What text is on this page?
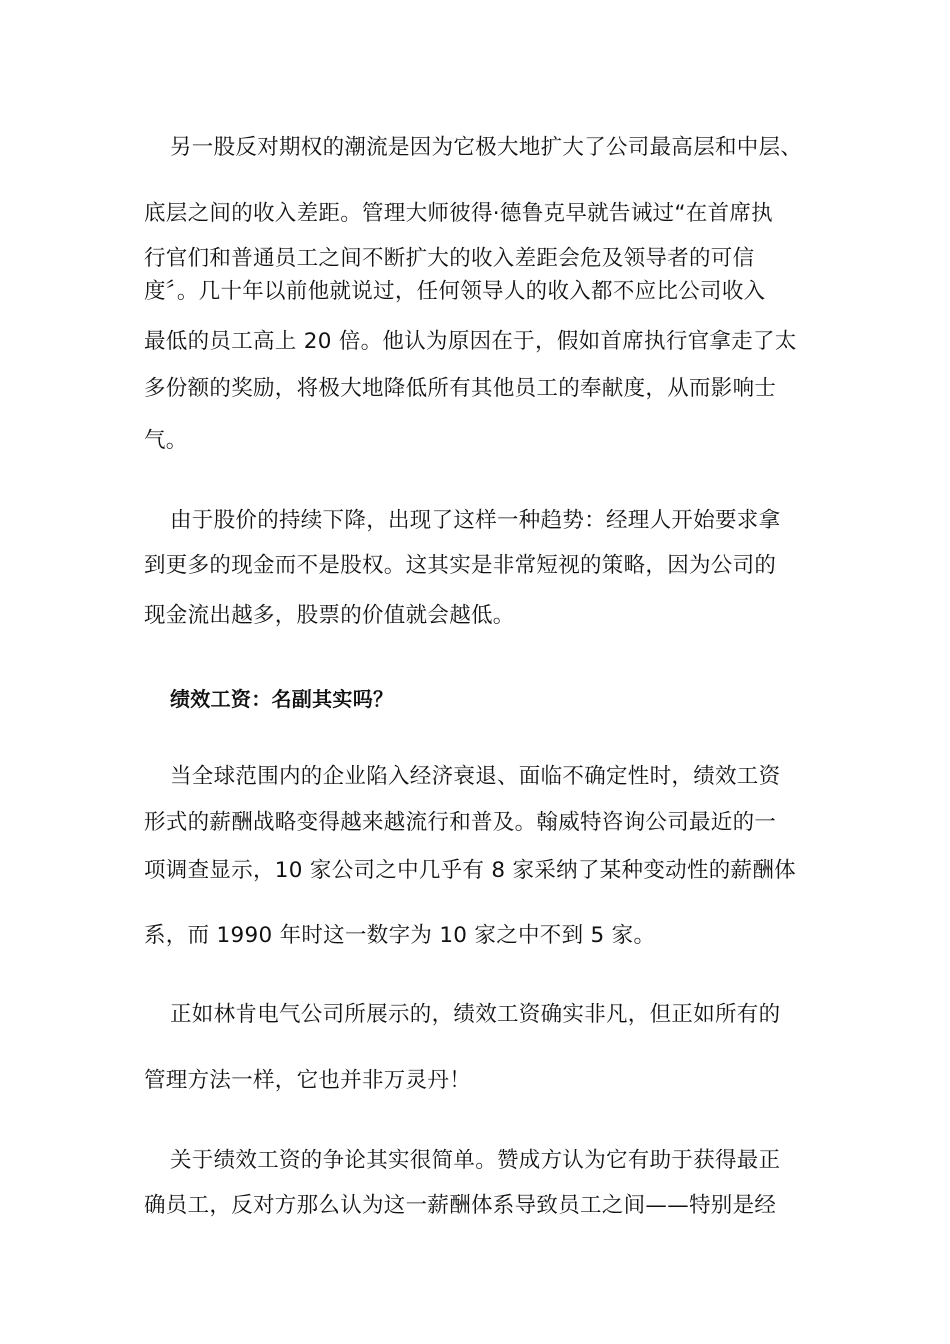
另一股反对期权的潮流是因为它极大地扩大了公司最高层和中层、
底层之间的收入差距。管理大师彼得·德鲁克早就告诫过“在首席执
行官们和普通员工之间不断扩大的收入差距会危及领导者的可信
度〞。几十年以前他就说过，任何领导人的收入都不应比公司收入
最低的员工高上 20 倍。他认为原因在于，假如首席执行官拿走了太
多份额的奖励，将极大地降低所有其他员工的奉献度，从而影响士
气。
由于股价的持续下降，出现了这样一种趋势：经理人开始要求拿
到更多的现金而不是股权。这其实是非常短视的策略，因为公司的
现金流出越多，股票的价值就会越低。
绩效工资：名副其实吗？
当全球范围内的企业陷入经济衰退、面临不确定性时，绩效工资
形式的薪酬战略变得越来越流行和普及。翰威特咨询公司最近的一
项调查显示，10 家公司之中几乎有 8 家采纳了某种变动性的薪酬体
系，而 1990 年时这一数字为 10 家之中不到 5 家。
正如林肯电气公司所展示的，绩效工资确实非凡，但正如所有的
管理方法一样，它也并非万灵丹！
关于绩效工资的争论其实很简单。赞成方认为它有助于获得最正
确员工，反对方那么认为这一薪酬体系导致员工之间——特别是经
